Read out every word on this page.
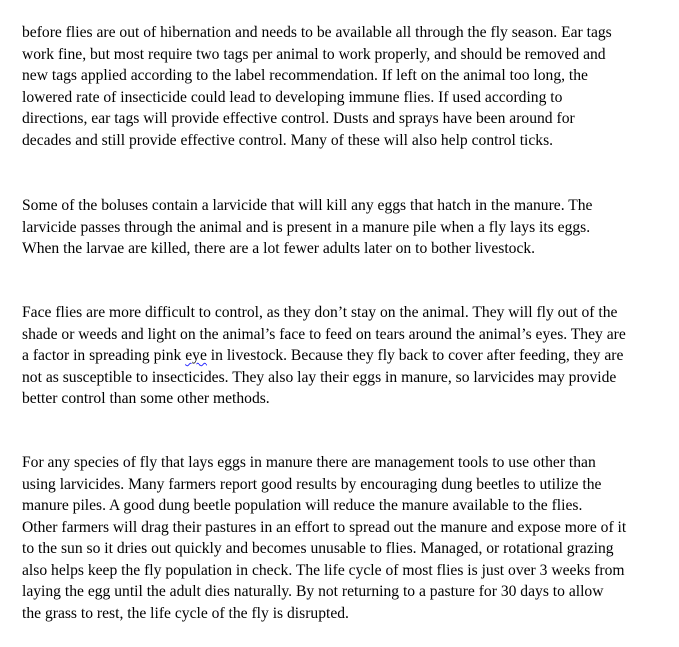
before flies are out of hibernation and needs to be available all through the fly season. Ear tags
work fine, but most require two tags per animal to work properly, and should be removed and
new tags applied according to the label recommendation. If left on the animal too long, the
lowered rate of insecticide could lead to developing immune flies. If used according to
directions, ear tags will provide effective control. Dusts and sprays have been around for
decades and still provide effective control. Many of these will also help control ticks.

Some of the boluses contain a larvicide that will kill any eggs that hatch in the manure. The
larvicide passes through the animal and is present in a manure pile when a fly lays its eggs.
When the larvae are killed, there are a lot fewer adults later on to bother livestock.

Face flies are more difficult to control, as they don’t stay on the animal. They will fly out of the
shade or weeds and light on the animal’s face to feed on tears around the animal’s eyes. They are
a factor in spreading pink eye in livestock. Because they fly back to cover after feeding, they are
not as susceptible to insecticides. They also lay their eggs in manure, so larvicides may provide
better control than some other methods.

For any species of fly that lays eggs in manure there are management tools to use other than
using larvicides. Many farmers report good results by encouraging dung beetles to utilize the
manure piles. A good dung beetle population will reduce the manure available to the flies.
Other farmers will drag their pastures in an effort to spread out the manure and expose more of it
to the sun so it dries out quickly and becomes unusable to flies. Managed, or rotational grazing
also helps keep the fly population in check. The life cycle of most flies is just over 3 weeks from
laying the egg until the adult dies naturally. By not returning to a pasture for 30 days to allow
the grass to rest, the life cycle of the fly is disrupted.
